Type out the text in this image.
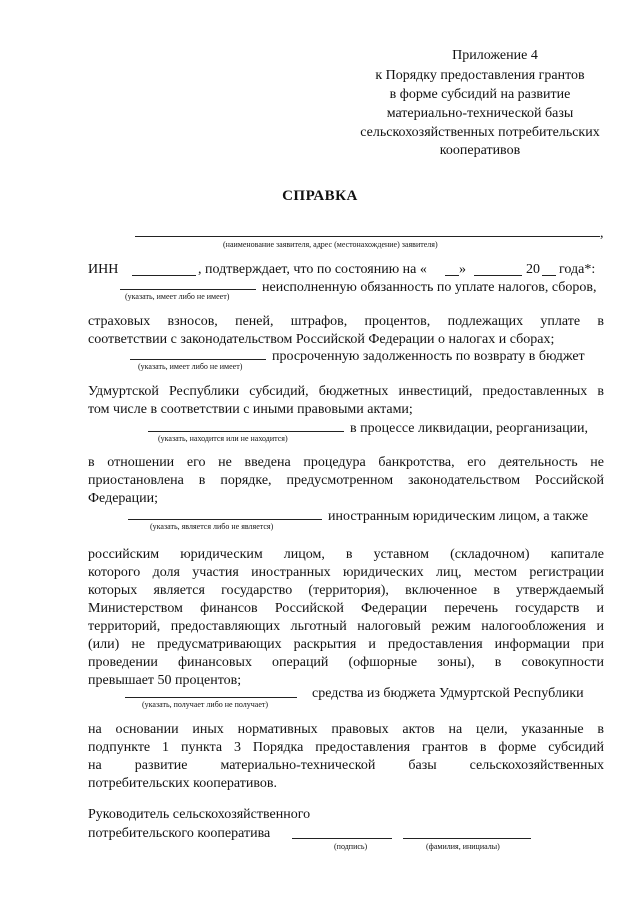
Приложение 4
к Порядку предоставления грантов
в форме субсидий на развитие
материально-технической базы
сельскохозяйственных потребительских
кооперативов
СПРАВКА
,
(наименование заявителя, адрес (местонахождение) заявителя)
ИНН	, подтверждает, что по состоянию на « »	20 года*:
неисполненную обязанность по уплате налогов, сборов,
(указать, имеет либо не имеет)
страховых взносов, пеней, штрафов, процентов, подлежащих уплате в
соответствии с законодательством Российской Федерации о налогах и сборах;
просроченную задолженность по возврату в бюджет
(указать, имеет либо не имеет)
Удмуртской Республики субсидий, бюджетных инвестиций, предоставленных в
том числе в соответствии с иными правовыми актами;
в процессе ликвидации, реорганизации,
(указать, находится или не находится)
в отношении его не введена процедура банкротства, его деятельность не
приостановлена в порядке, предусмотренном законодательством Российской
Федерации;
иностранным юридическим лицом, а также
(указать, является либо не является)
российским юридическим лицом, в уставном (складочном) капитале
которого доля участия иностранных юридических лиц, местом регистрации
которых является государство (территория), включенное в утверждаемый
Министерством финансов Российской Федерации перечень государств и
территорий, предоставляющих льготный налоговый режим налогообложения и
(или) не предусматривающих раскрытия и предоставления информации при
проведении финансовых операций (офшорные зоны), в совокупности
превышает 50 процентов;
средства из бюджета Удмуртской Республики
(указать, получает либо не получает)
на основании иных нормативных правовых актов на цели, указанные в
подпункте 1 пункта 3 Порядка предоставления грантов в форме субсидий
на развитие материально-технической базы сельскохозяйственных
потребительских кооперативов.
Руководитель сельскохозяйственного
потребительского кооператива
(подпись)	(фамилия, инициалы)
